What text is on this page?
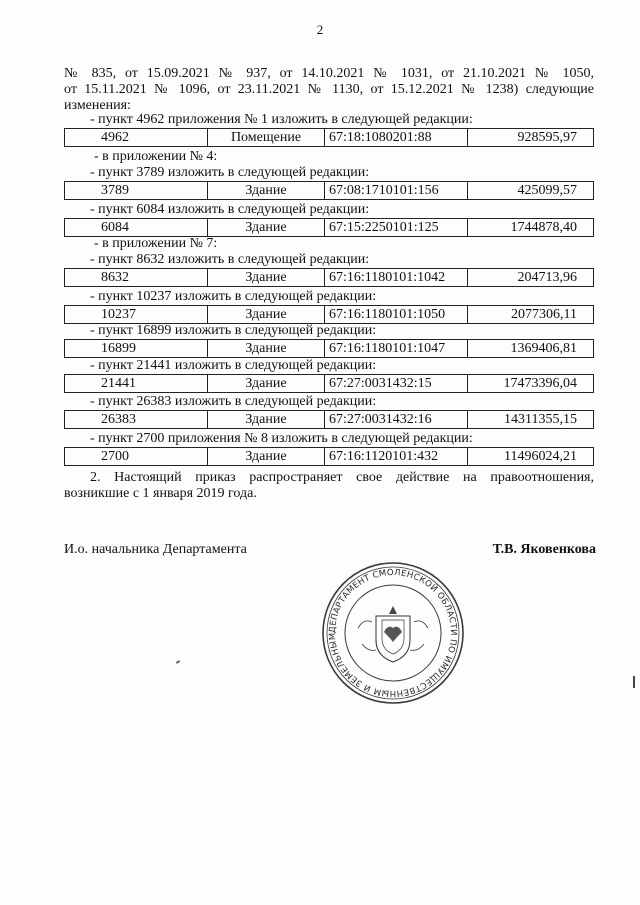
2
№ 835, от 15.09.2021 № 937, от 14.10.2021 № 1031, от 21.10.2021 № 1050,
от 15.11.2021 № 1096, от 23.11.2021 № 1130, от 15.12.2021 № 1238) следующие
изменения:
- пункт 4962 приложения № 1 изложить в следующей редакции:
4962	Помещение	67:18:1080201:88	928595,97
- в приложении № 4:
- пункт 3789 изложить в следующей редакции:
3789	Здание	67:08:1710101:156	425099,57
- пункт 6084 изложить в следующей редакции:
6084	Здание	67:15:2250101:125	1744878,40
- в приложении № 7:
- пункт 8632 изложить в следующей редакции:
8632	Здание	67:16:1180101:1042	204713,96
- пункт 10237 изложить в следующей редакции:
10237	Здание	67:16:1180101:1050	2077306,11
- пункт 16899 изложить в следующей редакции:
16899	Здание	67:16:1180101:1047	1369406,81
- пункт 21441 изложить в следующей редакции:
21441	Здание	67:27:0031432:15	17473396,04
- пункт 26383 изложить в следующей редакции:
26383	Здание	67:27:0031432:16	14311355,15
- пункт 2700 приложения № 8 изложить в следующей редакции:
2700	Здание	67:16:1120101:432	11496024,21
2. Настоящий приказ распространяет свое действие на правоотношения,
возникшие с 1 января 2019 года.
И.о. начальника Департамента	Т.В. Яковенкова
ДЕПАРТАМЕНТ СМОЛЕНСКОЙ ОБЛАСТИ ПО ИМУЩЕСТВЕННЫМ И ЗЕМЕЛЬНЫМ
